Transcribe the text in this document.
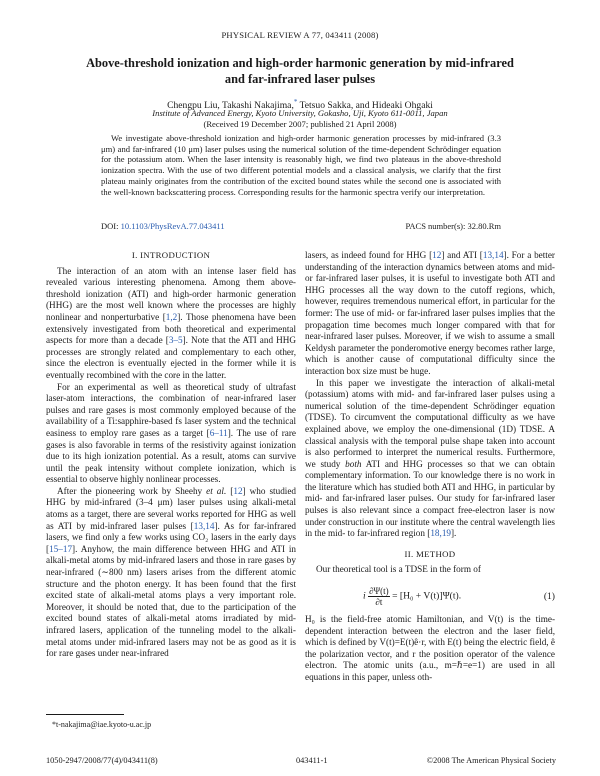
PHYSICAL REVIEW A 77, 043411 (2008)
Above-threshold ionization and high-order harmonic generation by mid-infrared
and far-infrared laser pulses
Chengpu Liu, Takashi Nakajima,* Tetsuo Sakka, and Hideaki Ohgaki
Institute of Advanced Energy, Kyoto University, Gokasho, Uji, Kyoto 611-0011, Japan
(Received 19 December 2007; published 21 April 2008)
We investigate above-threshold ionization and high-order harmonic generation processes by mid-infrared (3.3 μm) and far-infrared (10 μm) laser pulses using the numerical solution of the time-dependent Schrödinger equation for the potassium atom. When the laser intensity is reasonably high, we find two plateaus in the above-threshold ionization spectra. With the use of two different potential models and a classical analysis, we clarify that the first plateau mainly originates from the contribution of the excited bound states while the second one is associated with the well-known backscattering process. Corresponding results for the harmonic spectra verify our interpretation.
DOI: 10.1103/PhysRevA.77.043411	PACS number(s): 32.80.Rm
I. INTRODUCTION

The interaction of an atom with an intense laser field has revealed various interesting phenomena. Among them above-threshold ionization (ATI) and high-order harmonic generation (HHG) are the most well known where the processes are highly nonlinear and nonperturbative [1,2]. Those phenomena have been extensively investigated from both theoretical and experimental aspects for more than a decade [3–5]. Note that the ATI and HHG processes are strongly related and complementary to each other, since the electron is eventually ejected in the former while it is eventually recombined with the core in the latter.

For an experimental as well as theoretical study of ultrafast laser-atom interactions, the combination of near-infrared laser pulses and rare gases is most commonly employed because of the availability of a Ti:sapphire-based fs laser system and the technical easiness to employ rare gases as a target [6–11]. The use of rare gases is also favorable in terms of the resistivity against ionization due to its high ionization potential. As a result, atoms can survive until the peak intensity without complete ionization, which is essential to observe highly nonlinear processes.

After the pioneering work by Sheehy et al. [12] who studied HHG by mid-infrared (3–4 μm) laser pulses using alkali-metal atoms as a target, there are several works reported for HHG as well as ATI by mid-infrared laser pulses [13,14]. As for far-infrared lasers, we find only a few works using CO₂ lasers in the early days [15–17]. Anyhow, the main difference between HHG and ATI in alkali-metal atoms by mid-infrared lasers and those in rare gases by near-infrared (∼800 nm) lasers arises from the different atomic structure and the photon energy. It has been found that the first excited state of alkali-metal atoms plays a very important role. Moreover, it should be noted that, due to the participation of the excited bound states of alkali-metal atoms irradiated by mid-infrared lasers, application of the tunneling model to the alkali-metal atoms under mid-infrared lasers may not be as good as it is for rare gases under near-infrared

lasers, as indeed found for HHG [12] and ATI [13,14]. For a better understanding of the interaction dynamics between atoms and mid- or far-infrared laser pulses, it is useful to investigate both ATI and HHG processes all the way down to the cutoff regions, which, however, requires tremendous numerical effort, in particular for the former: The use of mid- or far-infrared laser pulses implies that the propagation time becomes much longer compared with that for near-infrared laser pulses. Moreover, if we wish to assume a small Keldysh parameter the ponderomotive energy becomes rather large, which is another cause of computational difficulty since the interaction box size must be huge.

In this paper we investigate the interaction of alkali-metal (potassium) atoms with mid- and far-infrared laser pulses using a numerical solution of the time-dependent Schrödinger equation (TDSE). To circumvent the computational difficulty as we have explained above, we employ the one-dimensional (1D) TDSE. A classical analysis with the temporal pulse shape taken into account is also performed to interpret the numerical results. Furthermore, we study both ATI and HHG processes so that we can obtain complementary information. To our knowledge there is no work in the literature which has studied both ATI and HHG, in particular by mid- and far-infrared laser pulses. Our study for far-infrared laser pulses is also relevant since a compact free-electron laser is now under construction in our institute where the central wavelength lies in the mid- to far-infrared region [18,19].

II. METHOD

Our theoretical tool is a TDSE in the form of

i $\frac{\partial\Psi(t)}{\partial t} = [H_0 + V(t)]\Psi(t)$.	(1)

H₀ is the field-free atomic Hamiltonian, and V(t) is the time-dependent interaction between the electron and the laser field, which is defined by V(t)=E(t)ê·r, with E(t) being the electric field, ê the polarization vector, and r the position operator of the valence electron. The atomic units (a.u., m=ℏ=e=1) are used in all equations in this paper, unless oth-

*t-nakajima@iae.kyoto-u.ac.jp
1050-2947/2008/77(4)/043411(8)	043411-1	©2008 The American Physical Society
